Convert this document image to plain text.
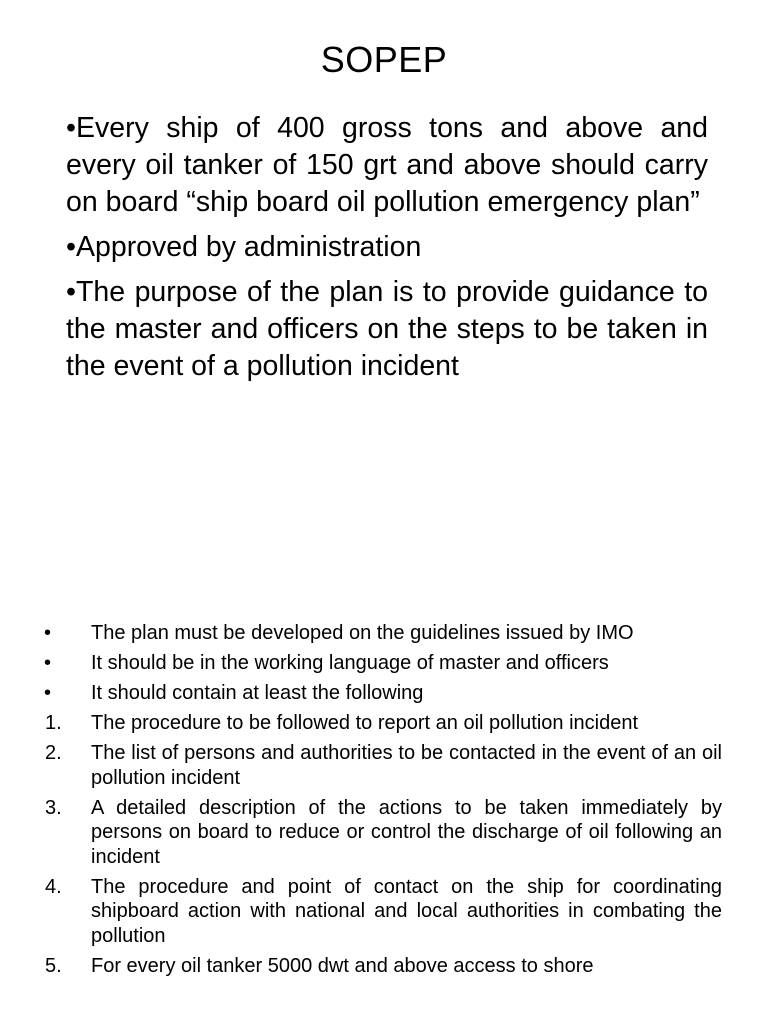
SOPEP

•Every ship of 400 gross tons and above and every oil tanker of 150 grt and above should carry on board “ship board oil pollution emergency plan”

•Approved by administration

•The purpose of the plan is to provide guidance to the master and officers on the steps to be taken in the event of a pollution incident

• The plan must be developed on the guidelines issued by IMO
• It should be in the working language of master and officers
• It should contain at least the following
1. The procedure to be followed to report an oil pollution incident
2. The list of persons and authorities to be contacted in the event of an oil pollution incident
3. A detailed description of the actions to be taken immediately by persons on board to reduce or control the discharge of oil following an incident
4. The procedure and point of contact on the ship for coordinating shipboard action with national and local authorities in combating the pollution
5. For every oil tanker 5000 dwt and above access to shore
